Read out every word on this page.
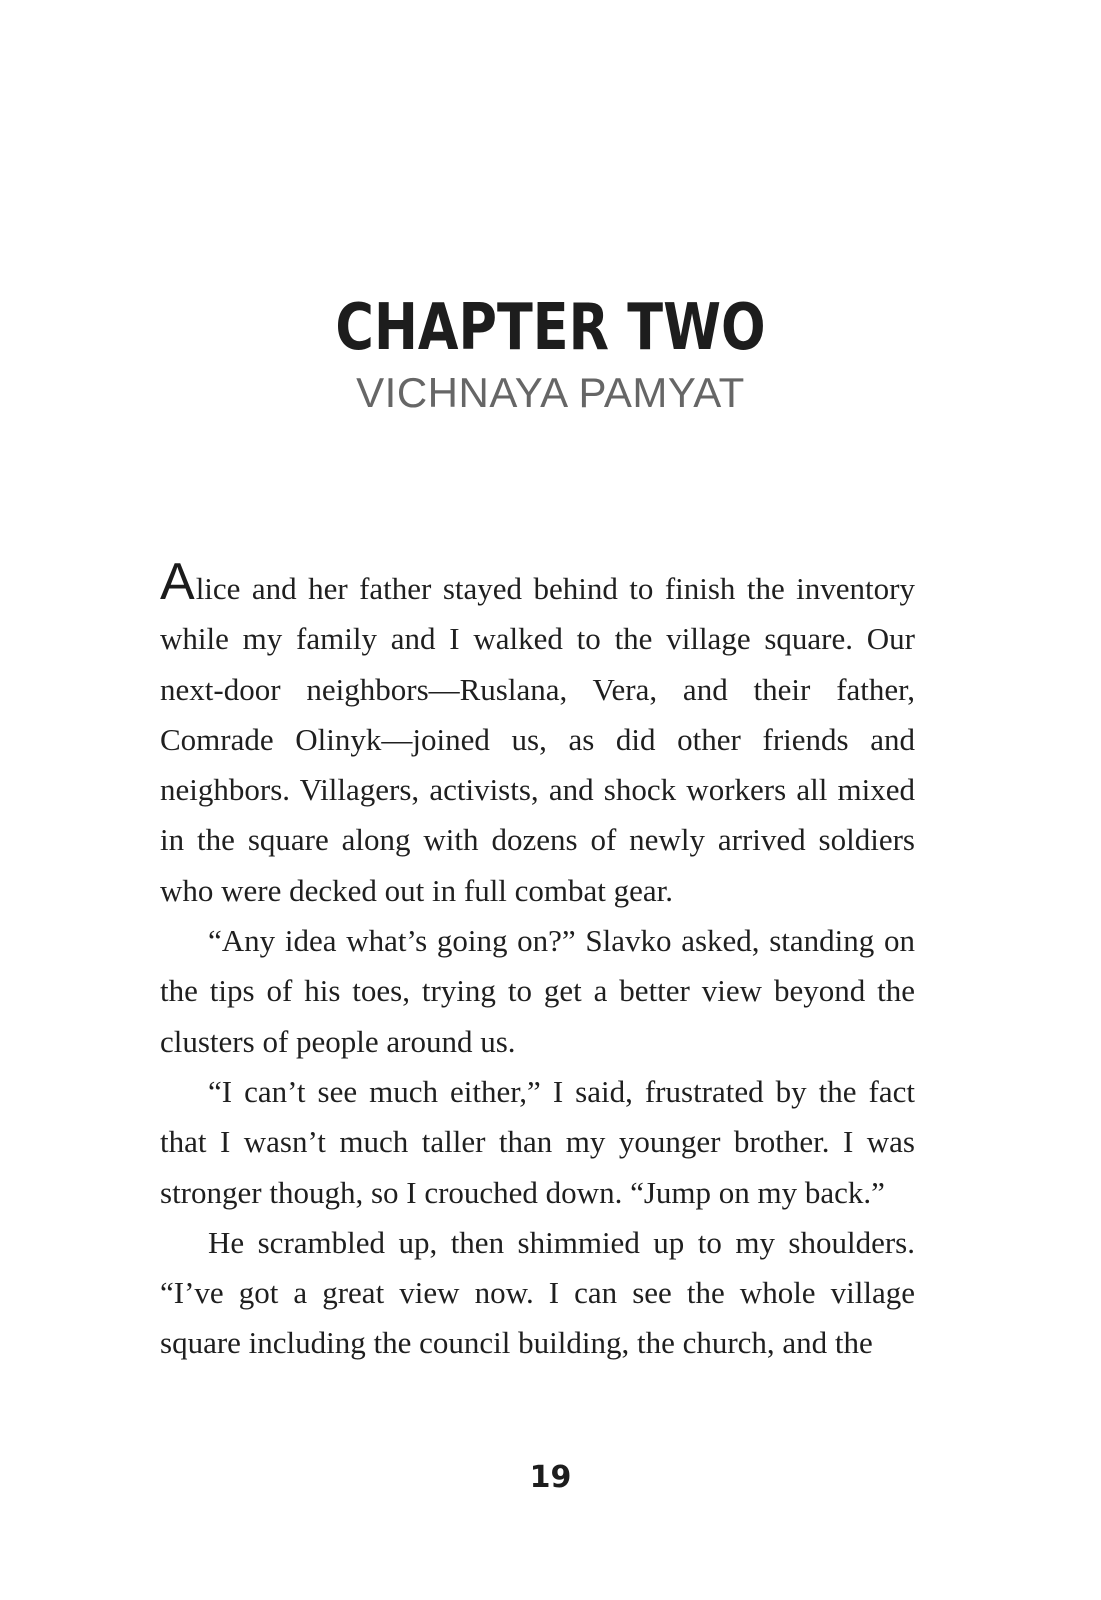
CHAPTER TWO
VICHNAYA PAMYAT

Alice and her father stayed behind to finish the inventory while my family and I walked to the village square. Our next-door neighbors—Ruslana, Vera, and their father, Comrade Olinyk—joined us, as did other friends and neighbors. Villagers, activists, and shock workers all mixed in the square along with dozens of newly arrived soldiers who were decked out in full combat gear.

“Any idea what’s going on?” Slavko asked, standing on the tips of his toes, trying to get a better view beyond the clusters of people around us.

“I can’t see much either,” I said, frustrated by the fact that I wasn’t much taller than my younger brother. I was stronger though, so I crouched down. “Jump on my back.”

He scrambled up, then shimmied up to my shoulders. “I’ve got a great view now. I can see the whole village square including the council building, the church, and the

19
